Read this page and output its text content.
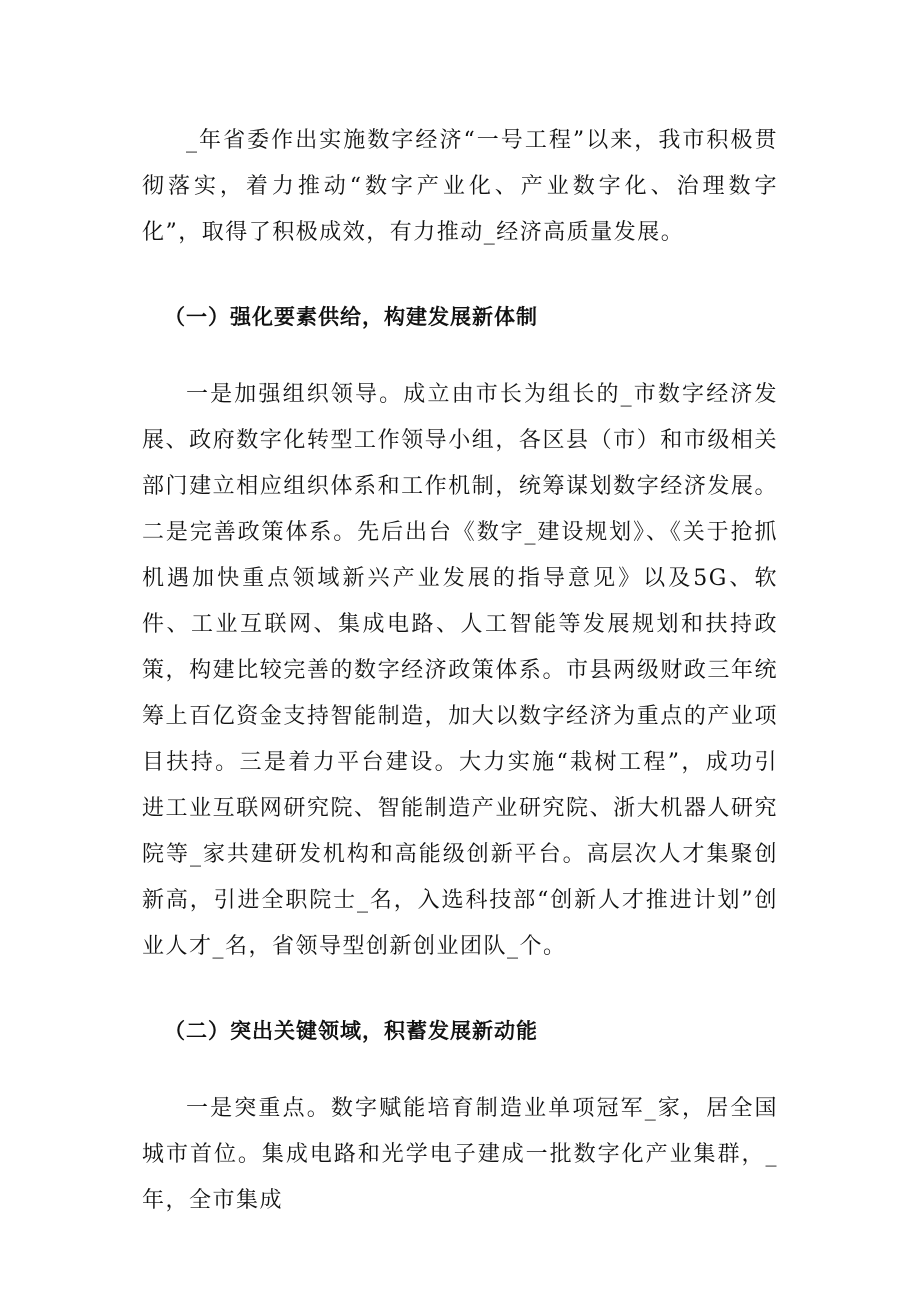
_年省委作出实施数字经济“一号工程”以来，我市积极贯彻落实，着力推动“数字产业化、产业数字化、治理数字化”，取得了积极成效，有力推动_经济高质量发展。

（一）强化要素供给，构建发展新体制

一是加强组织领导。成立由市长为组长的_市数字经济发展、政府数字化转型工作领导小组，各区县（市）和市级相关部门建立相应组织体系和工作机制，统筹谋划数字经济发展。二是完善政策体系。先后出台《数字_建设规划》、《关于抢抓机遇加快重点领域新兴产业发展的指导意见》以及5G、软件、工业互联网、集成电路、人工智能等发展规划和扶持政策，构建比较完善的数字经济政策体系。市县两级财政三年统筹上百亿资金支持智能制造，加大以数字经济为重点的产业项目扶持。三是着力平台建设。大力实施“栽树工程”，成功引进工业互联网研究院、智能制造产业研究院、浙大机器人研究院等_家共建研发机构和高能级创新平台。高层次人才集聚创新高，引进全职院士_名，入选科技部“创新人才推进计划”创业人才_名，省领导型创新创业团队_个。

（二）突出关键领域，积蓄发展新动能

一是突重点。数字赋能培育制造业单项冠军_家，居全国城市首位。集成电路和光学电子建成一批数字化产业集群，_年，全市集成
